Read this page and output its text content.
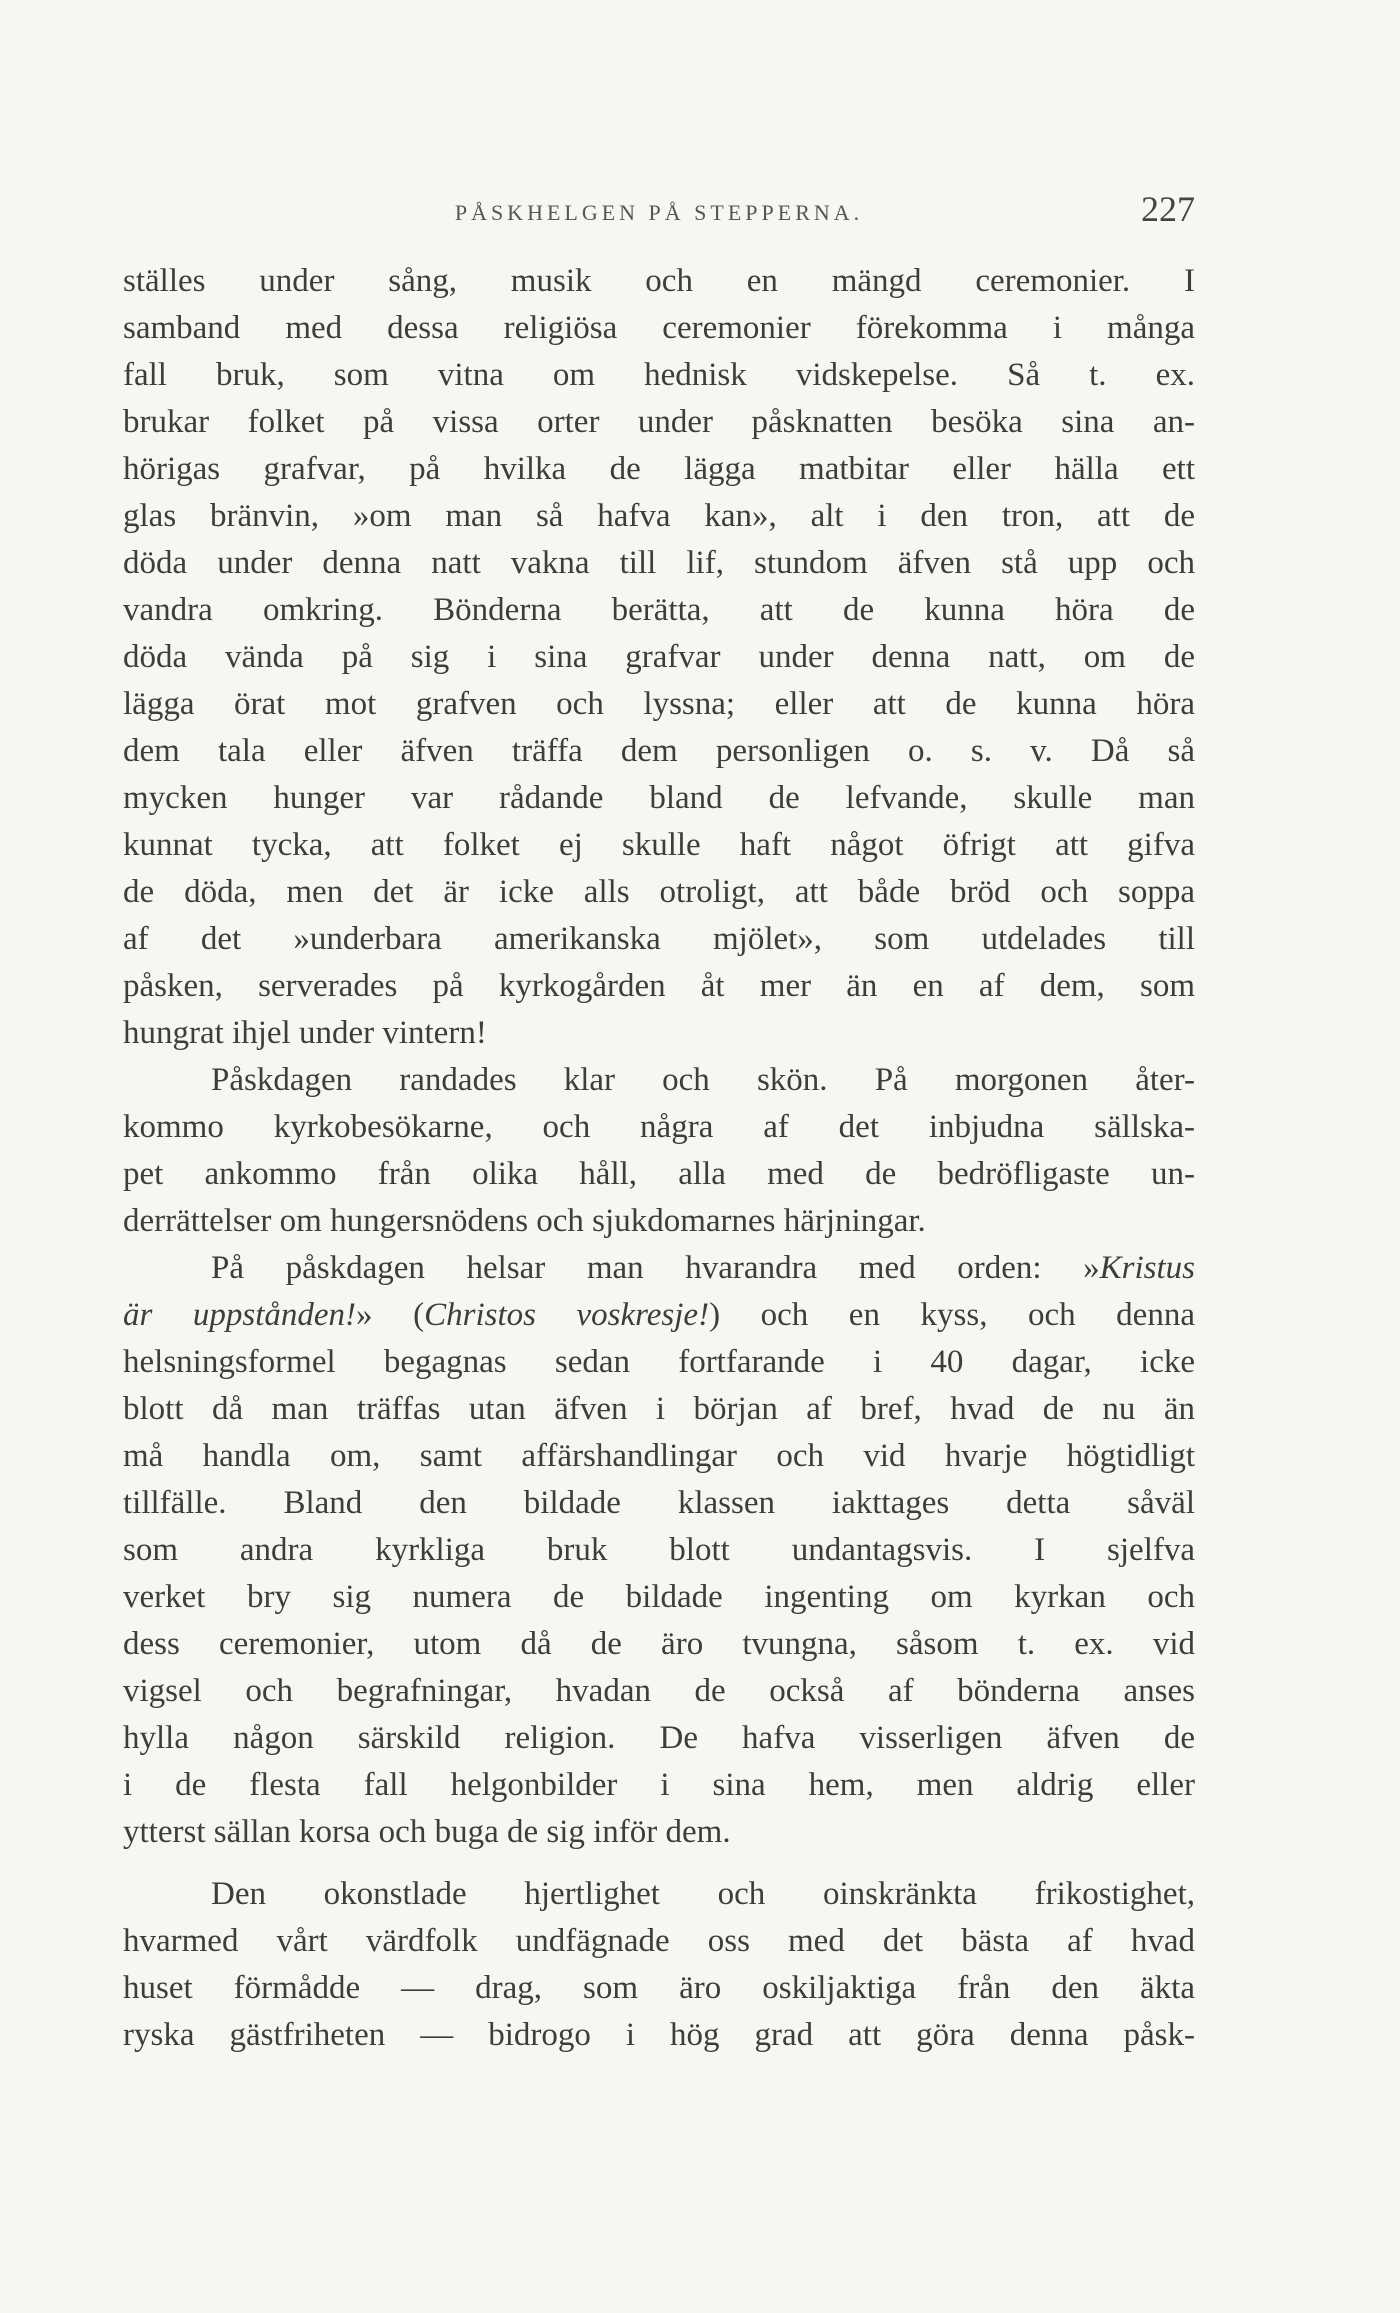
PÅSKHELGEN PÅ STEPPERNA.	227
ställes under sång, musik och en mängd ceremonier. I
samband med dessa religiösa ceremonier förekomma i många
fall bruk, som vitna om hednisk vidskepelse. Så t. ex.
brukar folket på vissa orter under påsknatten besöka sina an-
hörigas grafvar, på hvilka de lägga matbitar eller hälla ett
glas bränvin, »om man så hafva kan», alt i den tron, att de
döda under denna natt vakna till lif, stundom äfven stå upp och
vandra omkring. Bönderna berätta, att de kunna höra de
döda vända på sig i sina grafvar under denna natt, om de
lägga örat mot grafven och lyssna; eller att de kunna höra
dem tala eller äfven träffa dem personligen o. s. v. Då så
mycken hunger var rådande bland de lefvande, skulle man
kunnat tycka, att folket ej skulle haft något öfrigt att gifva
de döda, men det är icke alls otroligt, att både bröd och soppa
af det »underbara amerikanska mjölet», som utdelades till
påsken, serverades på kyrkogården åt mer än en af dem, som
hungrat ihjel under vintern!
Påskdagen randades klar och skön. På morgonen åter-
kommo kyrkobesökarne, och några af det inbjudna sällska-
pet ankommo från olika håll, alla med de bedröfligaste un-
derrättelser om hungersnödens och sjukdomarnes härjningar.
På påskdagen helsar man hvarandra med orden: »Kristus
är uppstånden!» (Christos voskresje!) och en kyss, och denna
helsningsformel begagnas sedan fortfarande i 40 dagar, icke
blott då man träffas utan äfven i början af bref, hvad de nu än
må handla om, samt affärshandlingar och vid hvarje högtidligt
tillfälle. Bland den bildade klassen iakttages detta såväl
som andra kyrkliga bruk blott undantagsvis. I sjelfva
verket bry sig numera de bildade ingenting om kyrkan och
dess ceremonier, utom då de äro tvungna, såsom t. ex. vid
vigsel och begrafningar, hvadan de också af bönderna anses
hylla någon särskild religion. De hafva visserligen äfven de
i de flesta fall helgonbilder i sina hem, men aldrig eller
ytterst sällan korsa och buga de sig inför dem.
Den okonstlade hjertlighet och oinskränkta frikostighet,
hvarmed vårt värdfolk undfägnade oss med det bästa af hvad
huset förmådde — drag, som äro oskiljaktiga från den äkta
ryska gästfriheten — bidrogo i hög grad att göra denna påsk-
